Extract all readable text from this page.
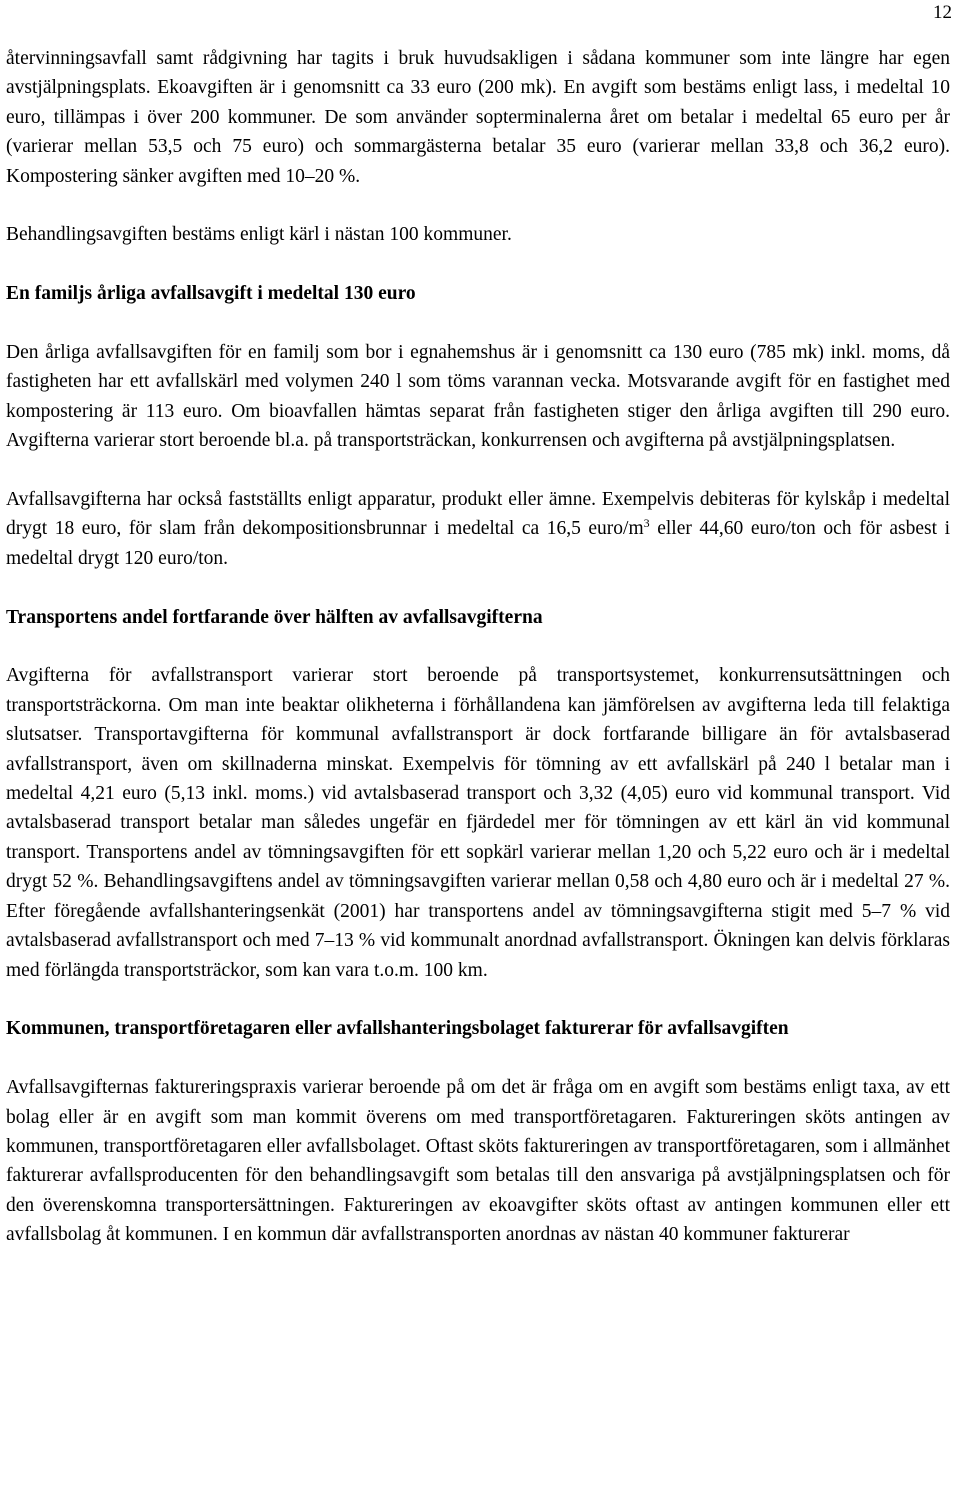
12

återvinningsavfall samt rådgivning har tagits i bruk huvudsakligen i sådana kommuner som inte längre har egen avstjälpningsplats. Ekoavgiften är i genomsnitt ca 33 euro (200 mk). En avgift som bestäms enligt lass, i medeltal 10 euro, tillämpas i över 200 kommuner. De som använder sopterminalerna året om betalar i medeltal 65 euro per år (varierar mellan 53,5 och 75 euro) och sommargästerna betalar 35 euro (varierar mellan 33,8 och 36,2 euro). Kompostering sänker avgiften med 10–20 %.

Behandlingsavgiften bestäms enligt kärl i nästan 100 kommuner.

En familjs årliga avfallsavgift i medeltal 130 euro

Den årliga avfallsavgiften för en familj som bor i egnahemshus är i genomsnitt ca 130 euro (785 mk) inkl. moms, då fastigheten har ett avfallskärl med volymen 240 l som töms varannan vecka. Motsvarande avgift för en fastighet med kompostering är 113 euro. Om bioavfallen hämtas separat från fastigheten stiger den årliga avgiften till 290 euro. Avgifterna varierar stort beroende bl.a. på transportsträckan, konkurrensen och avgifterna på avstjälpningsplatsen.

Avfallsavgifterna har också fastställts enligt apparatur, produkt eller ämne. Exempelvis debiteras för kylskåp i medeltal drygt 18 euro, för slam från dekompositionsbrunnar i medeltal ca 16,5 euro/$m^3$ eller 44,60 euro/ton och för asbest i medeltal drygt 120 euro/ton.

Transportens andel fortfarande över hälften av avfallsavgifterna

Avgifterna för avfallstransport varierar stort beroende på transportsystemet, konkurrensutsättningen och transportsträckorna. Om man inte beaktar olikheterna i förhållandena kan jämförelsen av avgifterna leda till felaktiga slutsatser. Transportavgifterna för kommunal avfallstransport är dock fortfarande billigare än för avtalsbaserad avfallstransport, även om skillnaderna minskat. Exempelvis för tömning av ett avfallskärl på 240 l betalar man i medeltal 4,21 euro (5,13 inkl. moms.) vid avtalsbaserad transport och 3,32 (4,05) euro vid kommunal transport. Vid avtalsbaserad transport betalar man således ungefär en fjärdedel mer för tömningen av ett kärl än vid kommunal transport. Transportens andel av tömningsavgiften för ett sopkärl varierar mellan 1,20 och 5,22 euro och är i medeltal drygt 52 %. Behandlingsavgiftens andel av tömningsavgiften varierar mellan 0,58 och 4,80 euro och är i medeltal 27 %. Efter föregående avfallshanteringsenkät (2001) har transportens andel av tömningsavgifterna stigit med 5–7 % vid avtalsbaserad avfallstransport och med 7–13 % vid kommunalt anordnad avfallstransport. Ökningen kan delvis förklaras med förlängda transportsträckor, som kan vara t.o.m. 100 km.

Kommunen, transportföretagaren eller avfallshanteringsbolaget fakturerar för avfallsavgiften

Avfallsavgifternas faktureringspraxis varierar beroende på om det är fråga om en avgift som bestäms enligt taxa, av ett bolag eller är en avgift som man kommit överens om med transportföretagaren. Faktureringen sköts antingen av kommunen, transportföretagaren eller avfallsbolaget. Oftast sköts faktureringen av transportföretagaren, som i allmänhet fakturerar avfallsproducenten för den behandlingsavgift som betalas till den ansvariga på avstjälpningsplatsen och för den överenskomna transportersättningen. Faktureringen av ekoavgifter sköts oftast av antingen kommunen eller ett avfallsbolag åt kommunen. I en kommun där avfallstransporten anordnas av nästan 40 kommuner fakturerar
